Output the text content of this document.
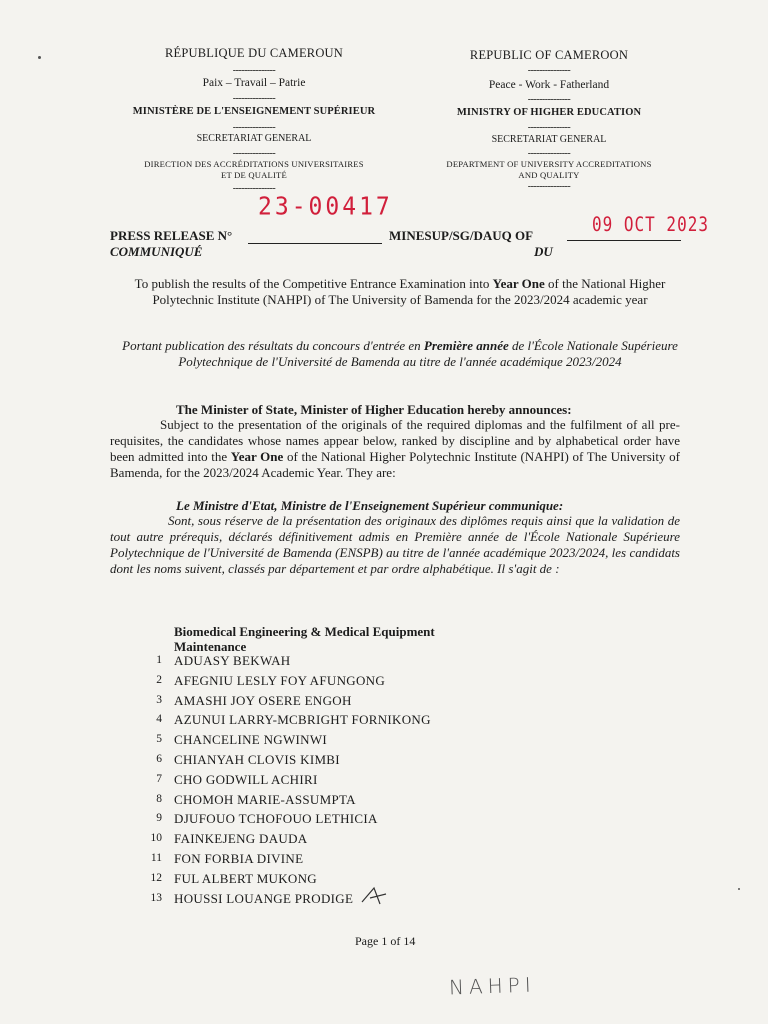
RÉPUBLIQUE DU CAMEROUN
---------------
Paix – Travail – Patrie
---------------
MINISTÈRE DE L'ENSEIGNEMENT SUPÉRIEUR
---------------
SECRETARIAT GENERAL
---------------
DIRECTION DES ACCRÉDITATIONS UNIVERSITAIRES
ET DE QUALITÉ
---------------
REPUBLIC OF CAMEROON
---------------
Peace - Work - Fatherland
---------------
MINISTRY OF HIGHER EDUCATION
---------------
SECRETARIAT GENERAL
---------------
DEPARTMENT OF UNIVERSITY ACCREDITATIONS
AND QUALITY
---------------
23-00417
PRESS RELEASE N°	MINESUP/SG/DAUQ OF	09 OCT 2023
COMMUNIQUÉ	DU
To publish the results of the Competitive Entrance Examination into Year One of the National Higher Polytechnic Institute (NAHPI) of The University of Bamenda for the 2023/2024 academic year
Portant publication des résultats du concours d'entrée en Première année de l'École Nationale Supérieure Polytechnique de l'Université de Bamenda au titre de l'année académique 2023/2024
The Minister of State, Minister of Higher Education hereby announces:
Subject to the presentation of the originals of the required diplomas and the fulfilment of all pre-requisites, the candidates whose names appear below, ranked by discipline and by alphabetical order have been admitted into the Year One of the National Higher Polytechnic Institute (NAHPI) of The University of Bamenda, for the 2023/2024 Academic Year. They are:
Le Ministre d'Etat, Ministre de l'Enseignement Supérieur communique:
Sont, sous réserve de la présentation des originaux des diplômes requis ainsi que la validation de tout autre prérequis, déclarés définitivement admis en Première année de l'École Nationale Supérieure Polytechnique de l'Université de Bamenda (ENSPB) au titre de l'année académique 2023/2024, les candidats dont les noms suivent, classés par département et par ordre alphabétique. Il s'agit de :
Biomedical Engineering & Medical Equipment Maintenance
1 ADUASY BEKWAH
2 AFEGNIU LESLY FOY AFUNGONG
3 AMASHI JOY OSERE ENGOH
4 AZUNUI LARRY-MCBRIGHT FORNIKONG
5 CHANCELINE NGWINWI
6 CHIANYAH CLOVIS KIMBI
7 CHO GODWILL ACHIRI
8 CHOMOH MARIE-ASSUMPTA
9 DJUFOUO TCHOFOUO LETHICIA
10 FAINKEJENG DAUDA
11 FON FORBIA DIVINE
12 FUL ALBERT MUKONG
13 HOUSSI LOUANGE PRODIGE
Page 1 of 14
NAHPI
